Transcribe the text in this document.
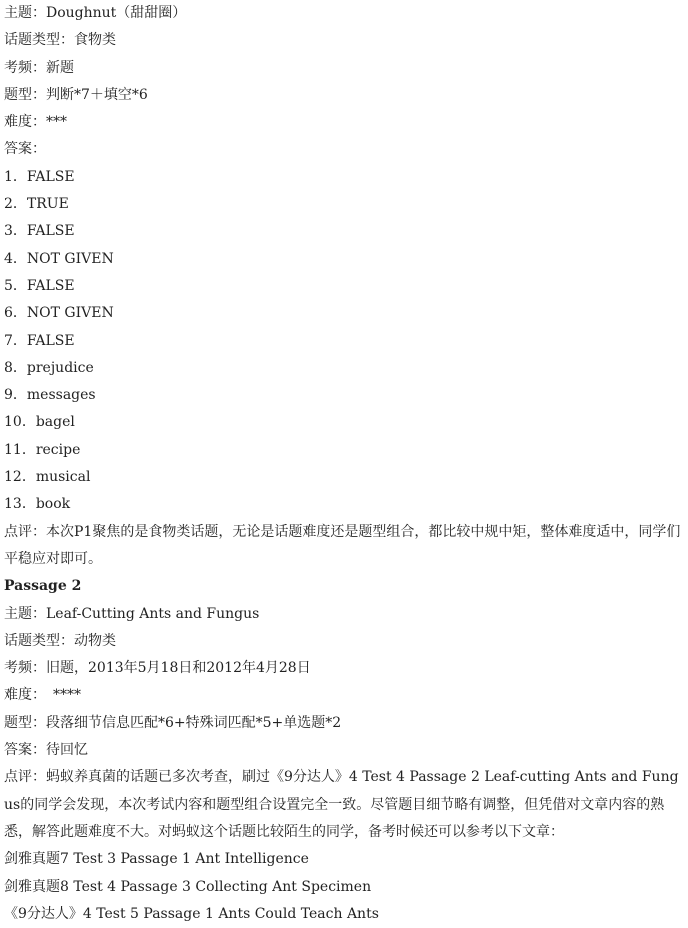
主题：Doughnut（甜甜圈）
话题类型：食物类
考频：新题
题型：判断*7＋填空*6
难度：***
答案：
1．FALSE
2．TRUE
3．FALSE
4．NOT GIVEN
5．FALSE
6．NOT GIVEN
7．FALSE
8．prejudice
9．messages
10．bagel
11．recipe
12．musical
13．book
点评：本次P1聚焦的是食物类话题，无论是话题难度还是题型组合，都比较中规中矩，整体难度适中，同学们平稳应对即可。
Passage 2
主题：Leaf-Cutting Ants and Fungus
话题类型：动物类
考频：旧题，2013年5月18日和2012年4月28日
难度：　****
题型：段落细节信息匹配*6+特殊词匹配*5+单选题*2
答案：待回忆
点评：蚂蚁养真菌的话题已多次考查，刷过《9分达人》4 Test 4 Passage 2 Leaf-cutting Ants and Fungus的同学会发现，本次考试内容和题型组合设置完全一致。尽管题目细节略有调整，但凭借对文章内容的熟悉，解答此题难度不大。对蚂蚁这个话题比较陌生的同学，备考时候还可以参考以下文章：
剑雅真题7 Test 3 Passage 1 Ant Intelligence
剑雅真题8 Test 4 Passage 3 Collecting Ant Specimen
《9分达人》4 Test 5 Passage 1 Ants Could Teach Ants
